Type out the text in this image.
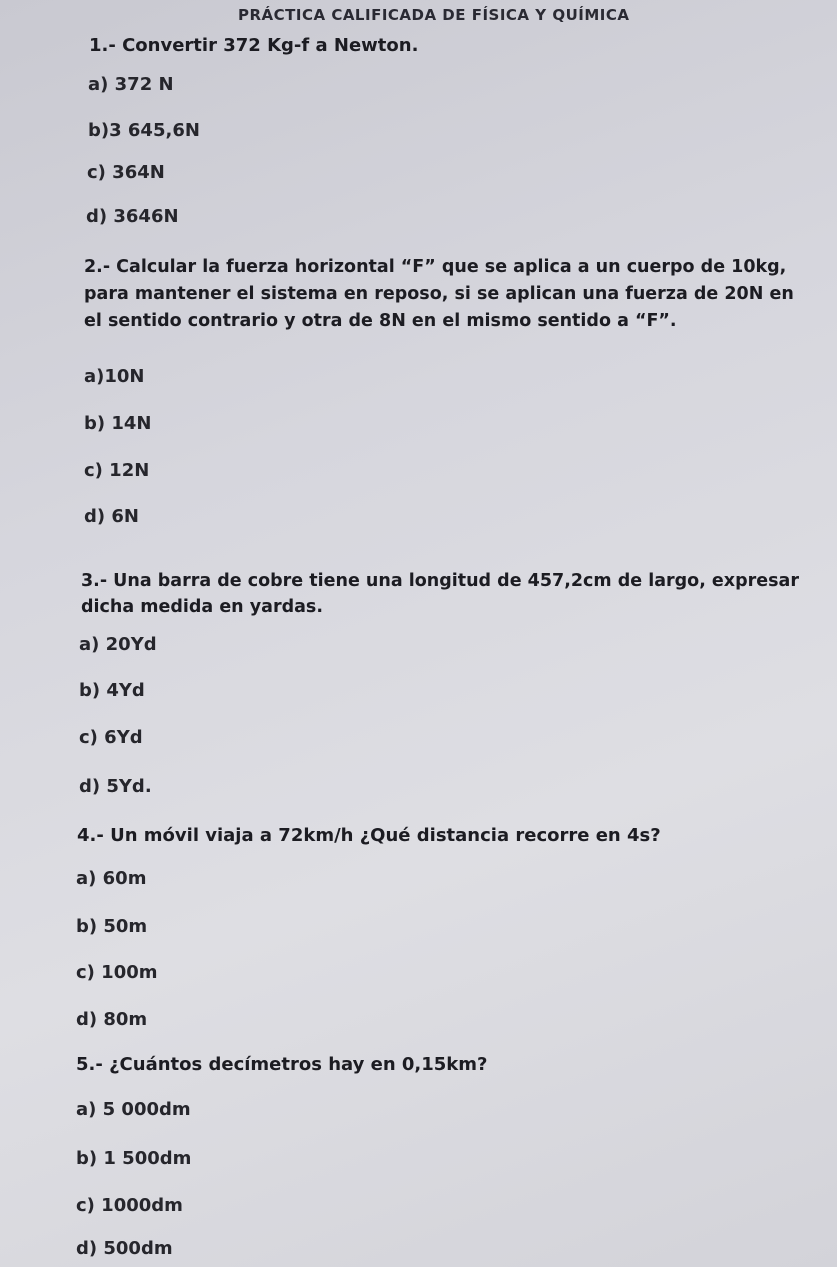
PRÁCTICA CALIFICADA DE FÍSICA Y QUÍMICA
1.- Convertir 372 Kg-f a Newton.
a) 372 N
b)3 645,6N
c) 364N
d) 3646N
2.- Calcular la fuerza horizontal “F” que se aplica a un cuerpo de 10kg,
para mantener el sistema en reposo, si se aplican una fuerza de 20N en
el sentido contrario y otra de 8N en el mismo sentido a “F”.
a)10N
b) 14N
c) 12N
d) 6N
3.- Una barra de cobre tiene una longitud de 457,2cm de largo, expresar
dicha medida en yardas.
a) 20Yd
b) 4Yd
c) 6Yd
d) 5Yd.
4.- Un móvil viaja a 72km/h ¿Qué distancia recorre en 4s?
a) 60m
b) 50m
c) 100m
d) 80m
5.- ¿Cuántos decímetros hay en 0,15km?
a) 5 000dm
b) 1 500dm
c) 1000dm
d) 500dm
